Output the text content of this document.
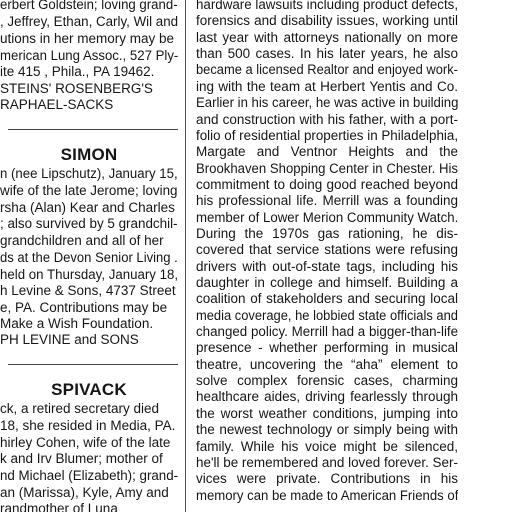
erbert Goldstein; loving grand-
, Jeffrey, Ethan, Carly, Wil and
utions in her memory may be
merican Lung Assoc., 527 Ply-
ite 415 , Phila., PA 19462.
STEINS' ROSENBERG'S
RAPHAEL-SACKS
SIMON
n (nee Lipschutz), January 15,
wife of the late Jerome; loving
rsha (Alan) Kear and Charles
; also survived by 5 grandchil-
grandchildren and all of her
ds at the Devon Senior Living .
held on Thursday, January 18,
h Levine & Sons, 4737 Street
e, PA. Contributions may be
Make a Wish Foundation.
PH LEVINE and SONS
SPIVACK
ck, a retired secretary died
18, she resided in Media, PA.
hirley Cohen, wife of the late
k and Irv Blumer; mother of
nd Michael (Elizabeth); grand-
an (Marissa), Kyle, Amy and
randmother of Luna
hardware lawsuits including product defects,
forensics and disability issues, working until
last year with attorneys nationally on more
than 500 cases. In his later years, he also
became a licensed Realtor and enjoyed work-
ing with the team at Herbert Yentis and Co.
Earlier in his career, he was active in building
and construction with his father, with a port-
folio of residential properties in Philadelphia,
Margate and Ventnor Heights and the
Brookhaven Shopping Center in Chester. His
commitment to doing good reached beyond
his professional life. Merrill was a founding
member of Lower Merion Community Watch.
During the 1970s gas rationing, he dis-
covered that service stations were refusing
drivers with out-of-state tags, including his
daughter in college and himself. Building a
coalition of stakeholders and securing local
media coverage, he lobbied state officials and
changed policy. Merrill had a bigger-than-life
presence - whether performing in musical
theatre, uncovering the “aha” element to
solve complex forensic cases, charming
healthcare aides, driving fearlessly through
the worst weather conditions, jumping into
the newest technology or simply being with
family. While his voice might be silenced,
he'll be remembered and loved forever. Ser-
vices were private. Contributions in his
memory can be made to American Friends of
